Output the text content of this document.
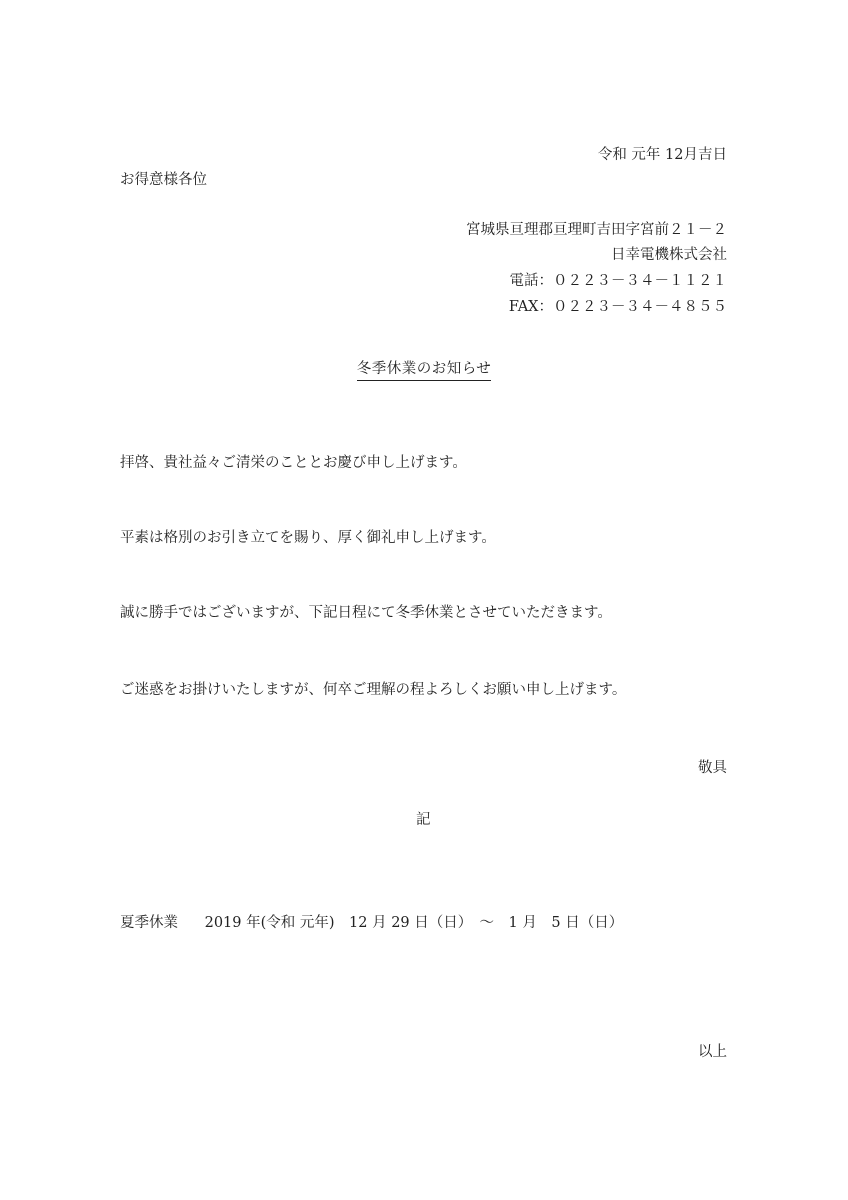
令和 元年 12月吉日
お得意様各位
宮城県亘理郡亘理町吉田字宮前２１－２
日幸電機株式会社
電話：０２２３－３４－１１２１
FAX：０２２３－３４－４８５５
冬季休業のお知らせ
拝啓、貴社益々ご清栄のこととお慶び申し上げます。
平素は格別のお引き立てを賜り、厚く御礼申し上げます。
誠に勝手ではございますが、下記日程にて冬季休業とさせていただきます。
ご迷惑をお掛けいたしますが、何卒ご理解の程よろしくお願い申し上げます。
敬具
記
夏季休業 2019 年(令和 元年)　12 月 29 日（日）　～　1 月　5 日（日）
以上
